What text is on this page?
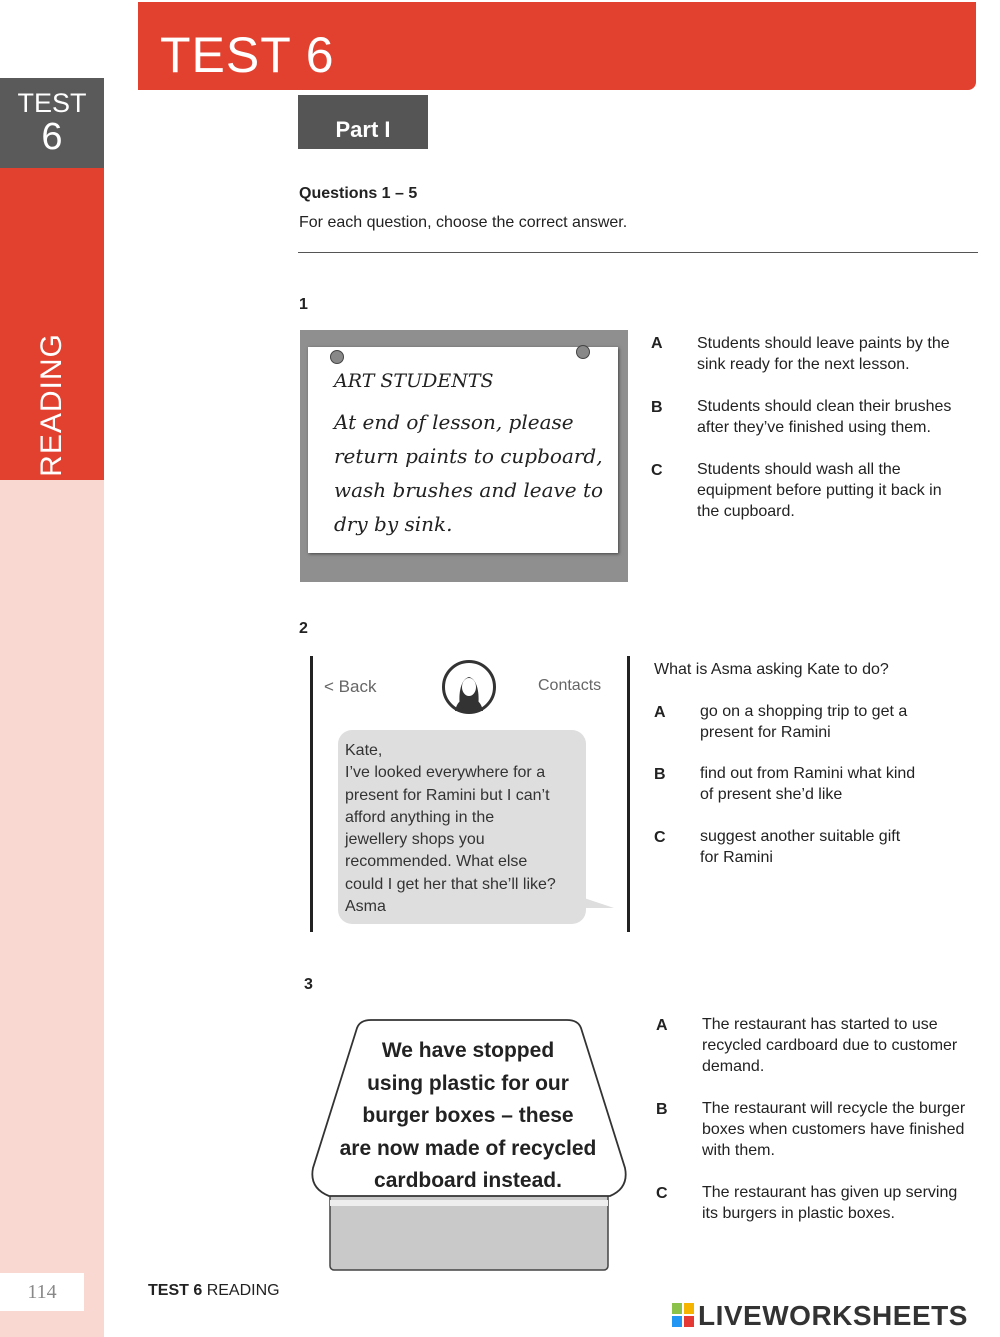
TEST
6
READING
114
TEST 6
Part I
Questions 1 – 5
For each question, choose the correct answer.
1
ART STUDENTS
At end of lesson, please
return paints to cupboard,
wash brushes and leave to
dry by sink.
A Students should leave paints by the
sink ready for the next lesson.
B Students should clean their brushes
after they’ve finished using them.
C Students should wash all the
equipment before putting it back in
the cupboard.
2
< Back	Contacts
Kate,
I’ve looked everywhere for a
present for Ramini but I can’t
afford anything in the
jewellery shops you
recommended. What else
could I get her that she’ll like?
Asma
What is Asma asking Kate to do?
A go on a shopping trip to get a
present for Ramini
B find out from Ramini what kind
of present she’d like
C suggest another suitable gift
for Ramini
3
We have stopped
using plastic for our
burger boxes – these
are now made of recycled
cardboard instead.
A The restaurant has started to use
recycled cardboard due to customer
demand.
B The restaurant will recycle the burger
boxes when customers have finished
with them.
C The restaurant has given up serving
its burgers in plastic boxes.
TEST 6 READING
LIVEWORKSHEETS
